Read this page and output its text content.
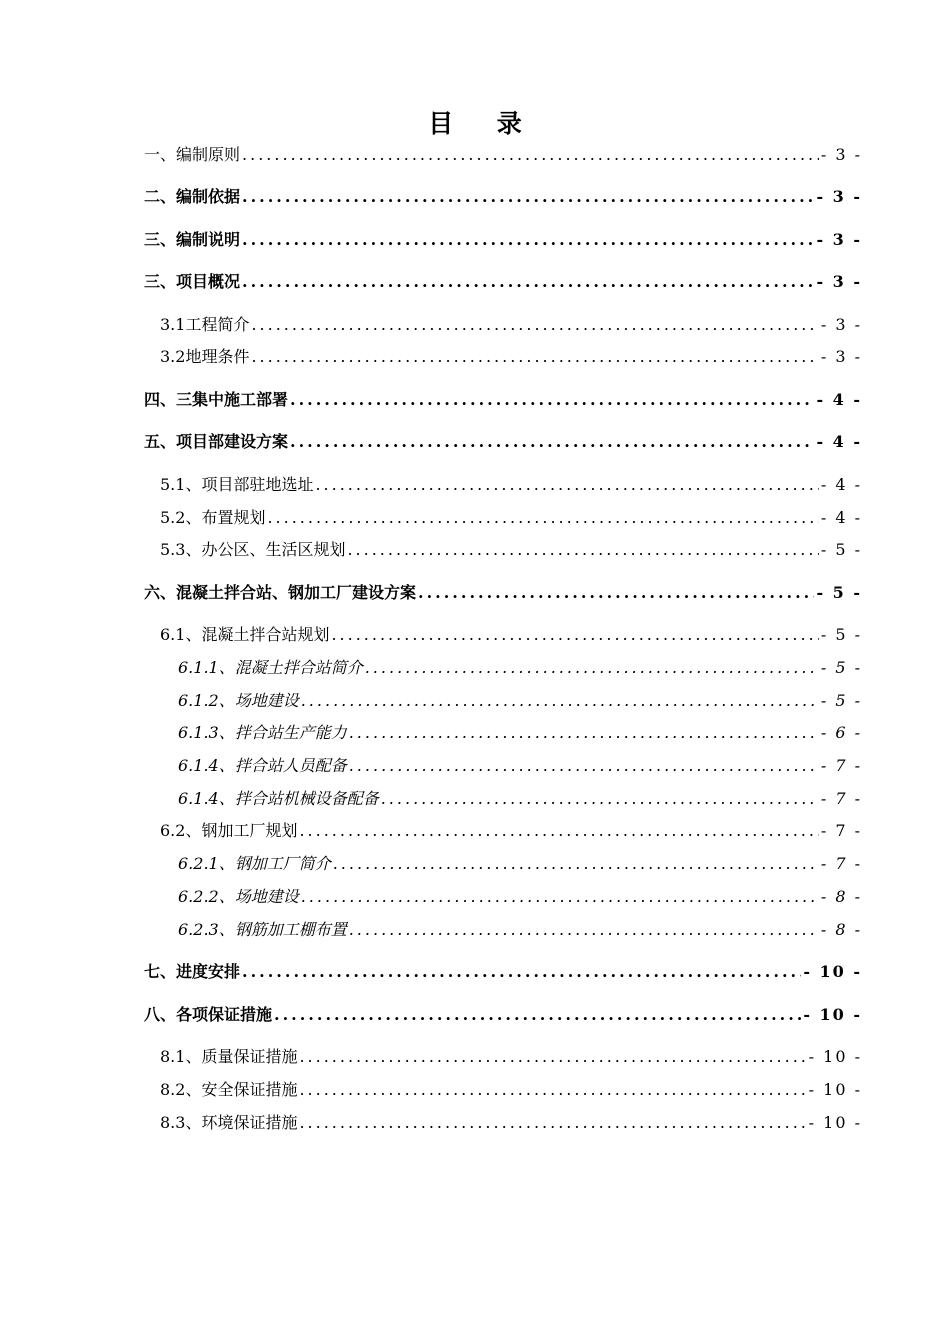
目 录
一、编制原则 .....	- 3 -
二、编制依据 .....	- 3 -
三、编制说明 .....	- 3 -
三、项目概况 .....	- 3 -
3.1工程简介 .....	- 3 -
3.2地理条件 .....	- 3 -
四、三集中施工部署 .....	- 4 -
五、项目部建设方案 .....	- 4 -
5.1、项目部驻地选址 .....	- 4 -
5.2、布置规划 .....	- 4 -
5.3、办公区、生活区规划 .....	- 5 -
六、混凝土拌合站、钢加工厂建设方案 .....	- 5 -
6.1、混凝土拌合站规划 .....	- 5 -
6.1.1、混凝土拌合站简介 .....	- 5 -
6.1.2、场地建设 .....	- 5 -
6.1.3、拌合站生产能力 .....	- 6 -
6.1.4、拌合站人员配备 .....	- 7 -
6.1.4、拌合站机械设备配备 .....	- 7 -
6.2、钢加工厂规划 .....	- 7 -
6.2.1、钢加工厂简介 .....	- 7 -
6.2.2、场地建设 .....	- 8 -
6.2.3、钢筋加工棚布置 .....	- 8 -
七、进度安排 .....	- 10 -
八、各项保证措施 .....	- 10 -
8.1、质量保证措施 .....	- 10 -
8.2、安全保证措施 .....	- 10 -
8.3、环境保证措施 .....	- 10 -
